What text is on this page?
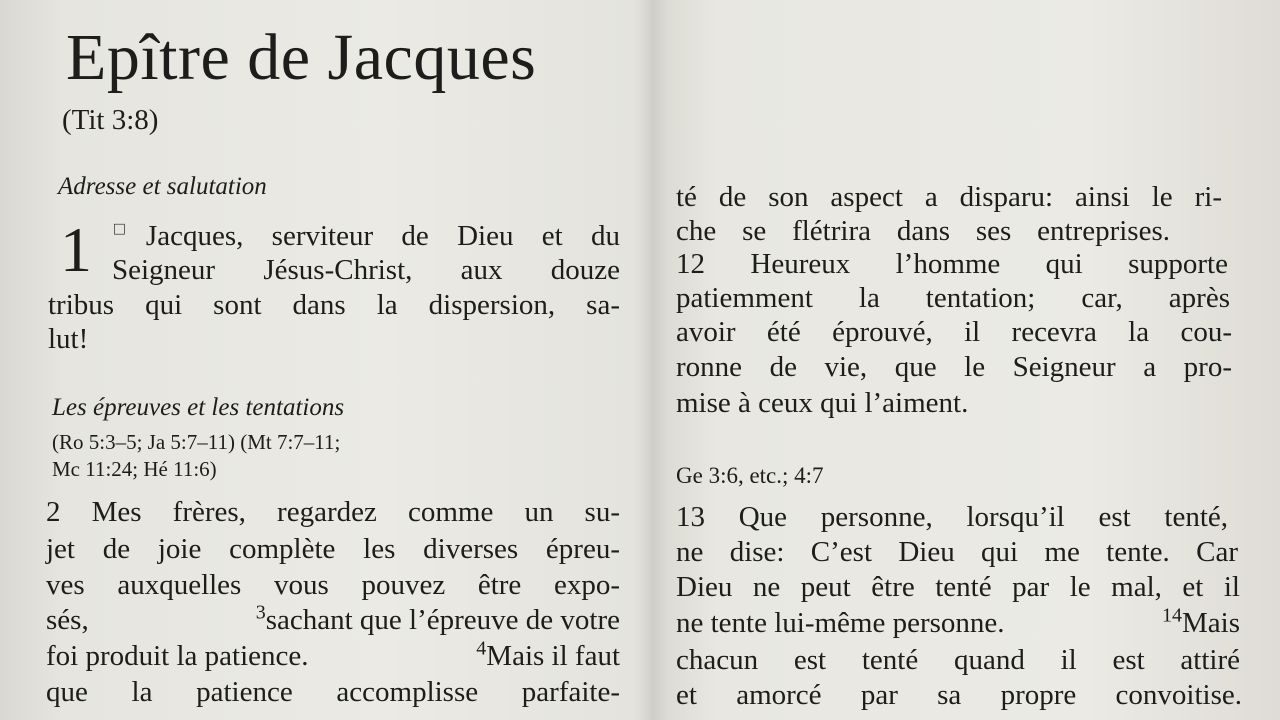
Epître de Jacques
(Tit 3:8)
Adresse et salutation
1 □Jacques, serviteur de Dieu et du
Seigneur Jésus-Christ, aux douze
tribus qui sont dans la dispersion, sa-
lut!
Les épreuves et les tentations
(Ro 5:3–5; Ja 5:7–11) (Mt 7:7–11;
Mc 11:24; Hé 11:6)
2 Mes frères, regardez comme un su-
jet de joie complète les diverses épreu-
ves auxquelles vous pouvez être expo-
sés,	$^3$sachant que l’épreuve de votre
foi produit la patience.	$^4$Mais il faut
que la patience accomplisse parfaite-
té de son aspect a disparu: ainsi le ri-
che se flétrira dans ses entreprises.
12 Heureux l’homme qui supporte
patiemment la tentation; car, après
avoir été éprouvé, il recevra la cou-
ronne de vie, que le Seigneur a pro-
mise à ceux qui l’aiment.
Ge 3:6, etc.; 4:7
13 Que personne, lorsqu’il est tenté,
ne dise: C’est Dieu qui me tente. Car
Dieu ne peut être tenté par le mal, et il
ne tente lui-même personne.	$^{14}$Mais
chacun est tenté quand il est attiré
et amorcé par sa propre convoitise.
